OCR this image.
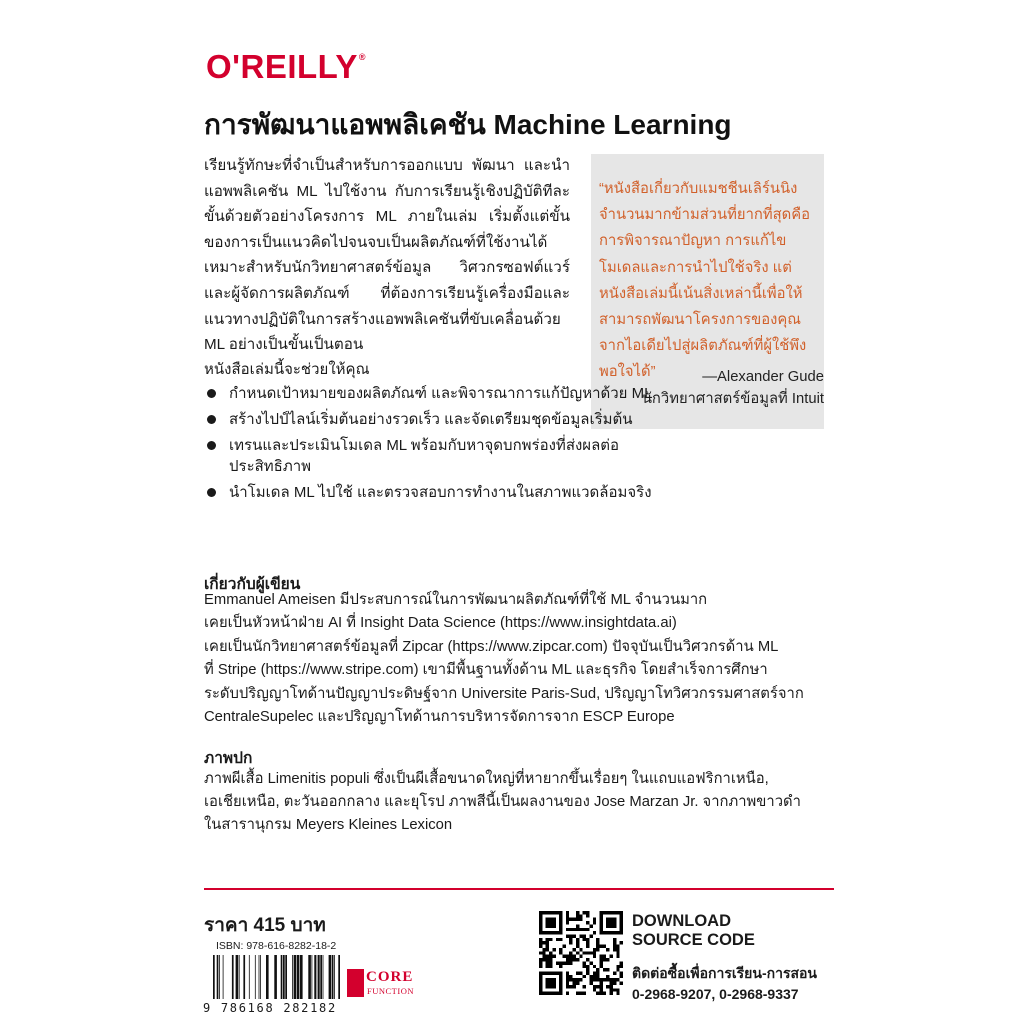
O'REILLY®
การพัฒนาแอพพลิเคชัน Machine Learning
เรียนรู้ทักษะที่จำเป็นสำหรับการออกแบบ พัฒนา และนำแอพพลิเคชัน ML ไปใช้งาน กับการเรียนรู้เชิงปฏิบัติทีละขั้นด้วยตัวอย่างโครงการ ML ภายในเล่ม เริ่มตั้งแต่ขั้นของการเป็นแนวคิดไปจนจบเป็นผลิตภัณฑ์ที่ใช้งานได้ เหมาะสำหรับนักวิทยาศาสตร์ข้อมูล วิศวกรซอฟต์แวร์ และผู้จัดการผลิตภัณฑ์ ที่ต้องการเรียนรู้เครื่องมือและแนวทางปฏิบัติในการสร้างแอพพลิเคชันที่ขับเคลื่อนด้วย ML อย่างเป็นขั้นเป็นตอน
“หนังสือเกี่ยวกับแมชชีนเลิร์นนิงจำนวนมากข้ามส่วนที่ยากที่สุดคือการพิจารณาปัญหา การแก้ไขโมเดลและการนำไปใช้จริง แต่หนังสือเล่มนี้เน้นสิ่งเหล่านี้เพื่อให้สามารถพัฒนาโครงการของคุณจากไอเดียไปสู่ผลิตภัณฑ์ที่ผู้ใช้พึงพอใจได้”	—Alexander Gude
นักวิทยาศาสตร์ข้อมูลที่ Intuit
หนังสือเล่มนี้จะช่วยให้คุณ
กำหนดเป้าหมายของผลิตภัณฑ์ และพิจารณาการแก้ปัญหาด้วย ML
สร้างไปป์ไลน์เริ่มต้นอย่างรวดเร็ว และจัดเตรียมชุดข้อมูลเริ่มต้น
เทรนและประเมินโมเดล ML พร้อมกับหาจุดบกพร่องที่ส่งผลต่อประสิทธิภาพ
นำโมเดล ML ไปใช้ และตรวจสอบการทำงานในสภาพแวดล้อมจริง
เกี่ยวกับผู้เขียน
Emmanuel Ameisen มีประสบการณ์ในการพัฒนาผลิตภัณฑ์ที่ใช้ ML จำนวนมาก
เคยเป็นหัวหน้าฝ่าย AI ที่ Insight Data Science (https://www.insightdata.ai)
เคยเป็นนักวิทยาศาสตร์ข้อมูลที่ Zipcar (https://www.zipcar.com) ปัจจุบันเป็นวิศวกรด้าน ML
ที่ Stripe (https://www.stripe.com) เขามีพื้นฐานทั้งด้าน ML และธุรกิจ โดยสำเร็จการศึกษา
ระดับปริญญาโทด้านปัญญาประดิษฐ์จาก Universite Paris-Sud, ปริญญาโทวิศวกรรมศาสตร์จาก
CentraleSupelec และปริญญาโทด้านการบริหารจัดการจาก ESCP Europe
ภาพปก
ภาพผีเสื้อ Limenitis populi ซึ่งเป็นผีเสื้อขนาดใหญ่ที่หายากขึ้นเรื่อยๆ ในแถบแอฟริกาเหนือ,
เอเชียเหนือ, ตะวันออกกลาง และยุโรป ภาพสีนี้เป็นผลงานของ Jose Marzan Jr. จากภาพขาวดำ
ในสารานุกรม Meyers Kleines Lexicon
ราคา 415 บาท
ISBN: 978-616-8282-18-2
9 786168 282182
CORE
FUNCTION
DOWNLOAD
SOURCE CODE
ติดต่อซื้อเพื่อการเรียน-การสอน
0-2968-9207, 0-2968-9337
